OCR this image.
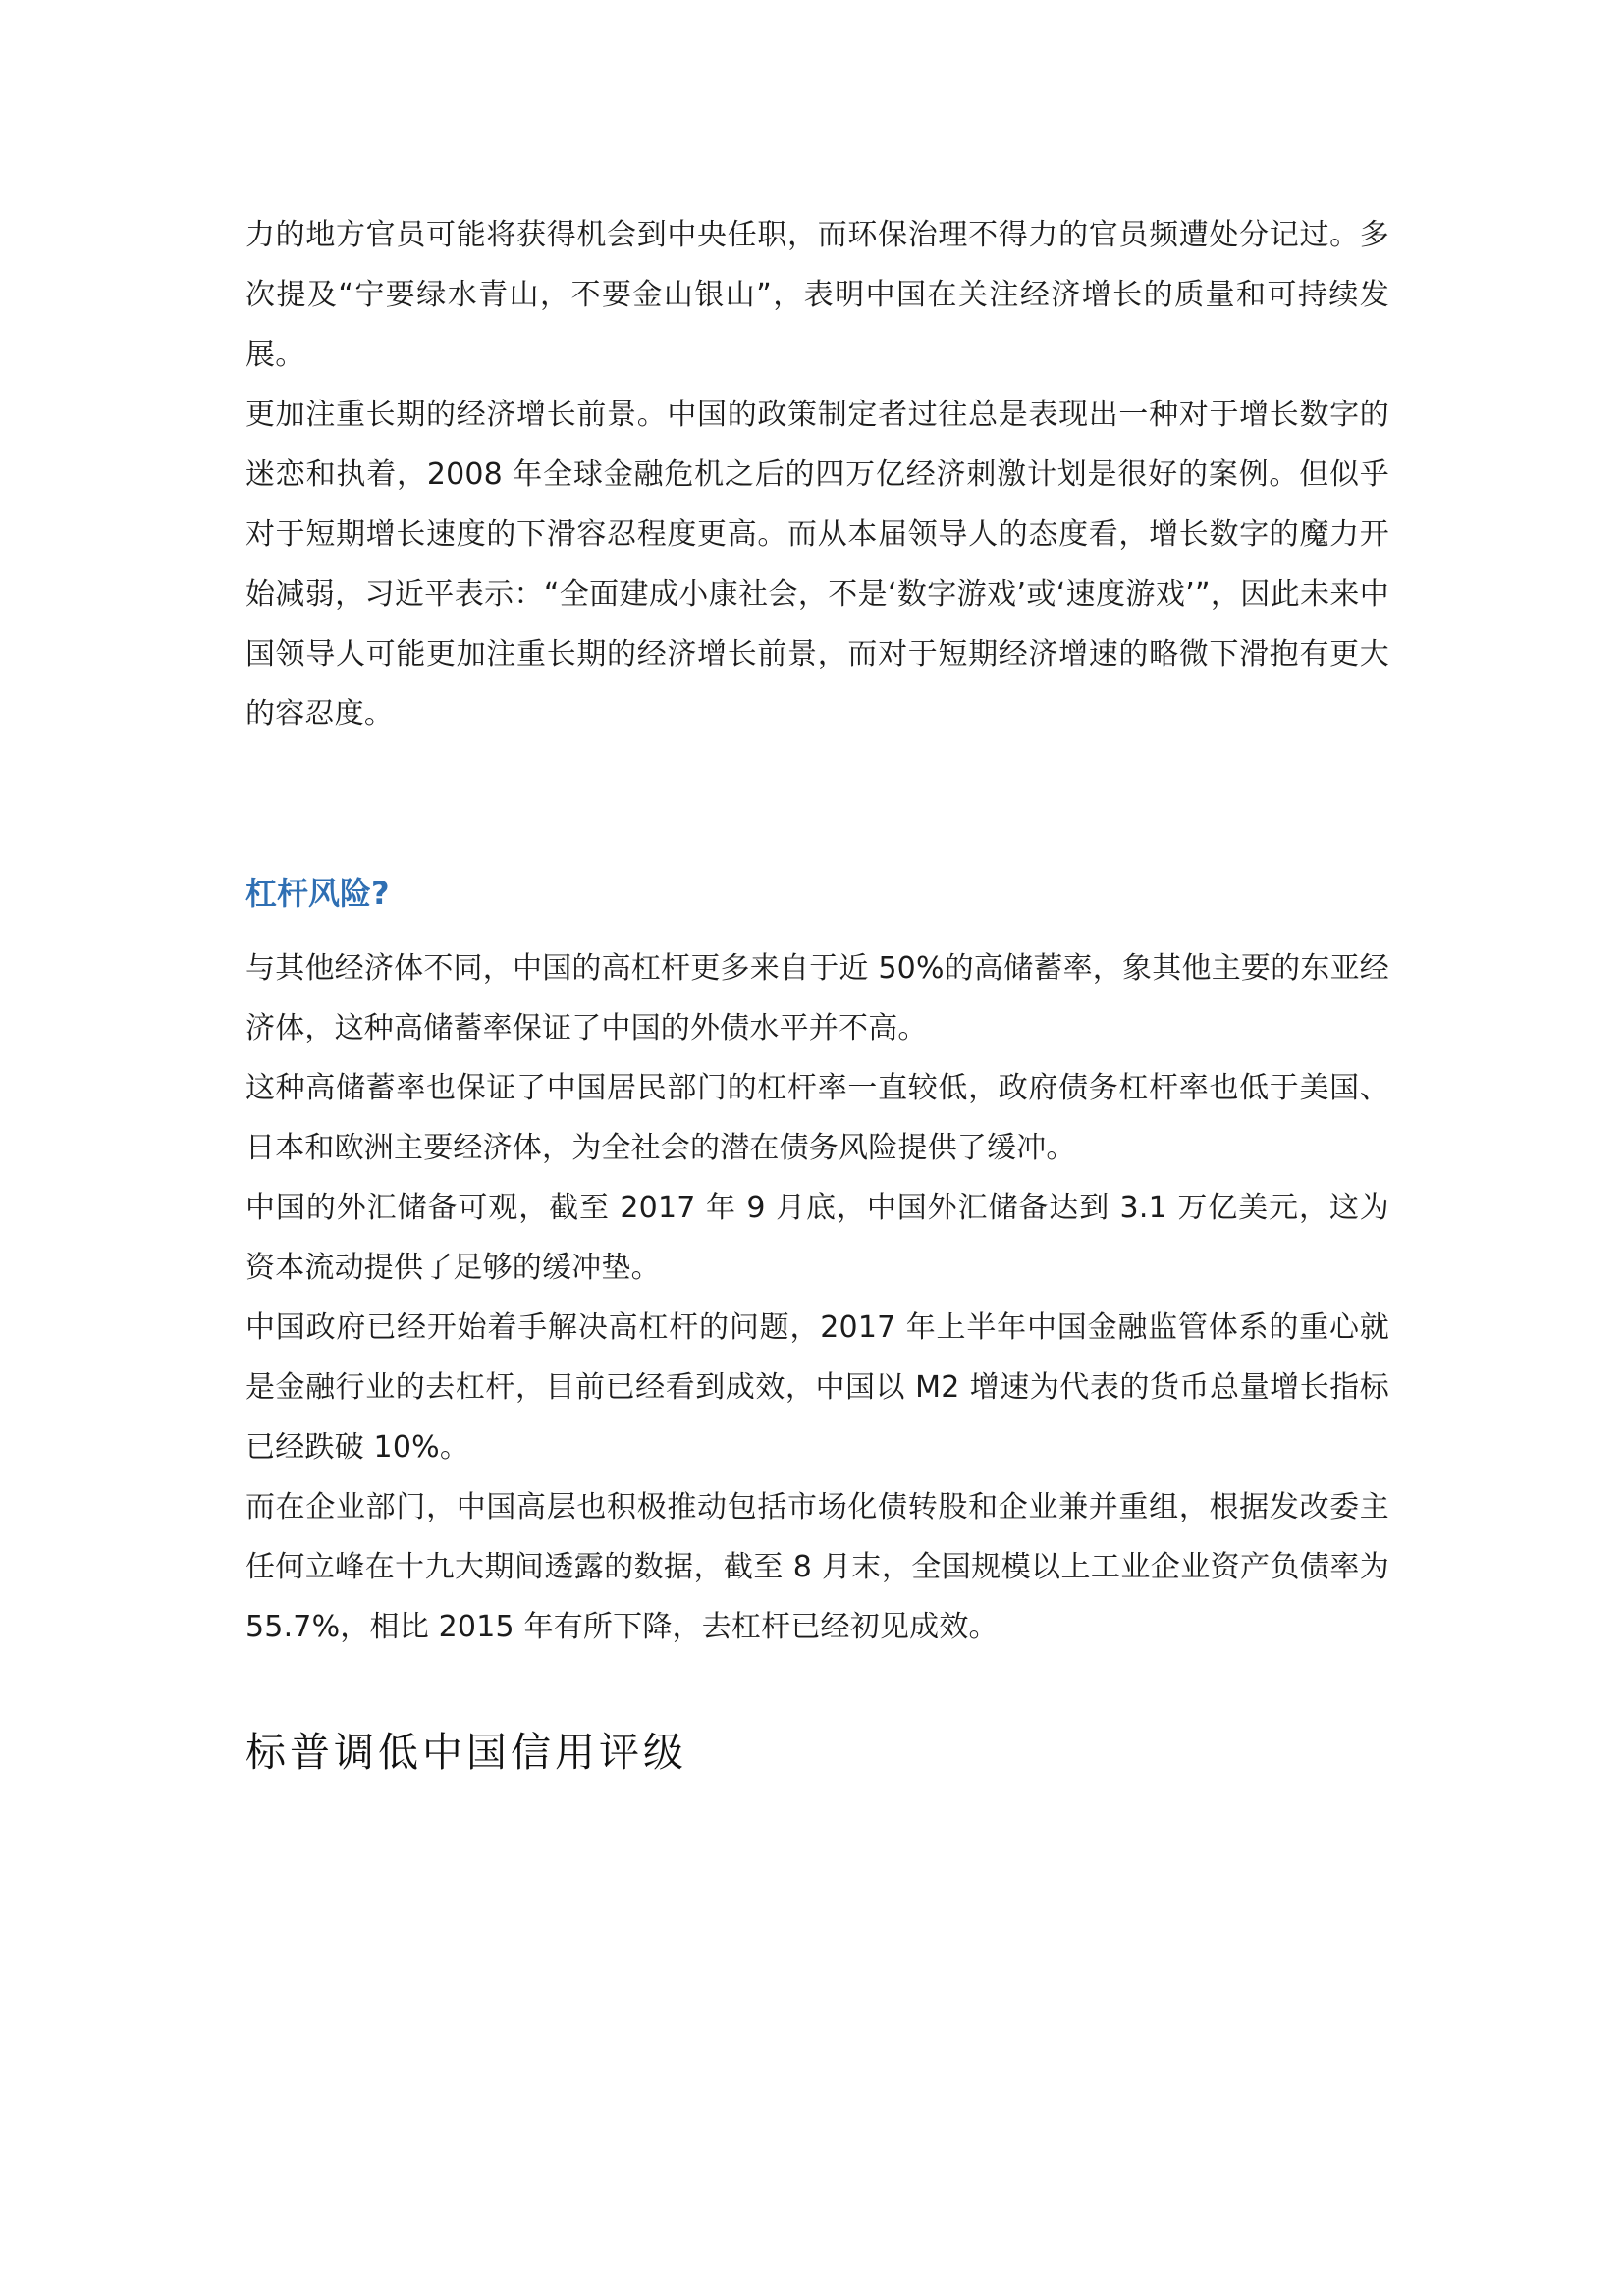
力的地方官员可能将获得机会到中央任职，而环保治理不得力的官员频遭处分记过。多次提及“宁要绿水青山，不要金山银山”，表明中国在关注经济增长的质量和可持续发展。

更加注重长期的经济增长前景。中国的政策制定者过往总是表现出一种对于增长数字的迷恋和执着，2008 年全球金融危机之后的四万亿经济刺激计划是很好的案例。但似乎对于短期增长速度的下滑容忍程度更高。而从本届领导人的态度看，增长数字的魔力开始减弱，习近平表示：“全面建成小康社会，不是‘数字游戏’或‘速度游戏’”，因此未来中国领导人可能更加注重长期的经济增长前景，而对于短期经济增速的略微下滑抱有更大的容忍度。

杠杆风险?

与其他经济体不同，中国的高杠杆更多来自于近 50%的高储蓄率，象其他主要的东亚经济体，这种高储蓄率保证了中国的外债水平并不高。

这种高储蓄率也保证了中国居民部门的杠杆率一直较低，政府债务杠杆率也低于美国、日本和欧洲主要经济体，为全社会的潜在债务风险提供了缓冲。

中国的外汇储备可观，截至 2017 年 9 月底，中国外汇储备达到 3.1 万亿美元，这为资本流动提供了足够的缓冲垫。

中国政府已经开始着手解决高杠杆的问题，2017 年上半年中国金融监管体系的重心就是金融行业的去杠杆，目前已经看到成效，中国以 M2 增速为代表的货币总量增长指标已经跌破 10%。

而在企业部门，中国高层也积极推动包括市场化债转股和企业兼并重组，根据发改委主任何立峰在十九大期间透露的数据，截至 8 月末，全国规模以上工业企业资产负债率为 55.7%，相比 2015 年有所下降，去杠杆已经初见成效。

标普调低中国信用评级
